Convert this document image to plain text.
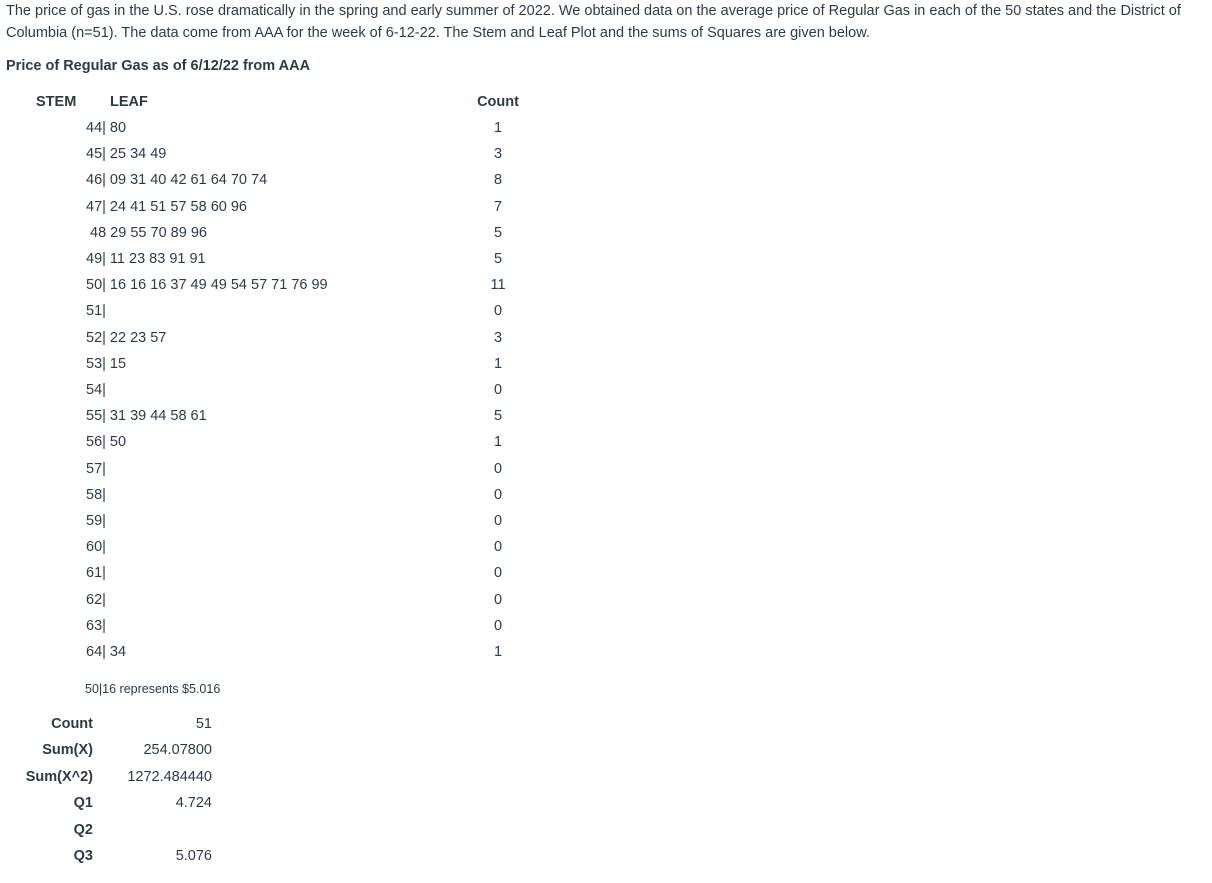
The price of gas in the U.S. rose dramatically in the spring and early summer of 2022. We obtained data on the average price of Regular Gas in each of the 50 states and the District of Columbia (n=51). The data come from AAA for the week of 6-12-22. The Stem and Leaf Plot and the sums of Squares are given below.

Price of Regular Gas as of 6/12/22 from AAA

STEM LEAF	Count
44| 80	1
45| 25 34 49	3
46| 09 31 40 42 61 64 70 74	8
47| 24 41 51 57 58 60 96	7
48 29 55 70 89 96	5
49| 11 23 83 91 91	5
50| 16 16 16 37 49 49 54 57 71 76 99	11
51|	0
52| 22 23 57	3
53| 15	1
54|	0
55| 31 39 44 58 61	5
56| 50	1
57|	0
58|	0
59|	0
60|	0
61|	0
62|	0
63|	0
64| 34	1
50|16 represents $5.016
Count	51
Sum(X)	254.07800
Sum(X^2)	1272.484440
Q1	4.724
Q2
Q3	5.076
